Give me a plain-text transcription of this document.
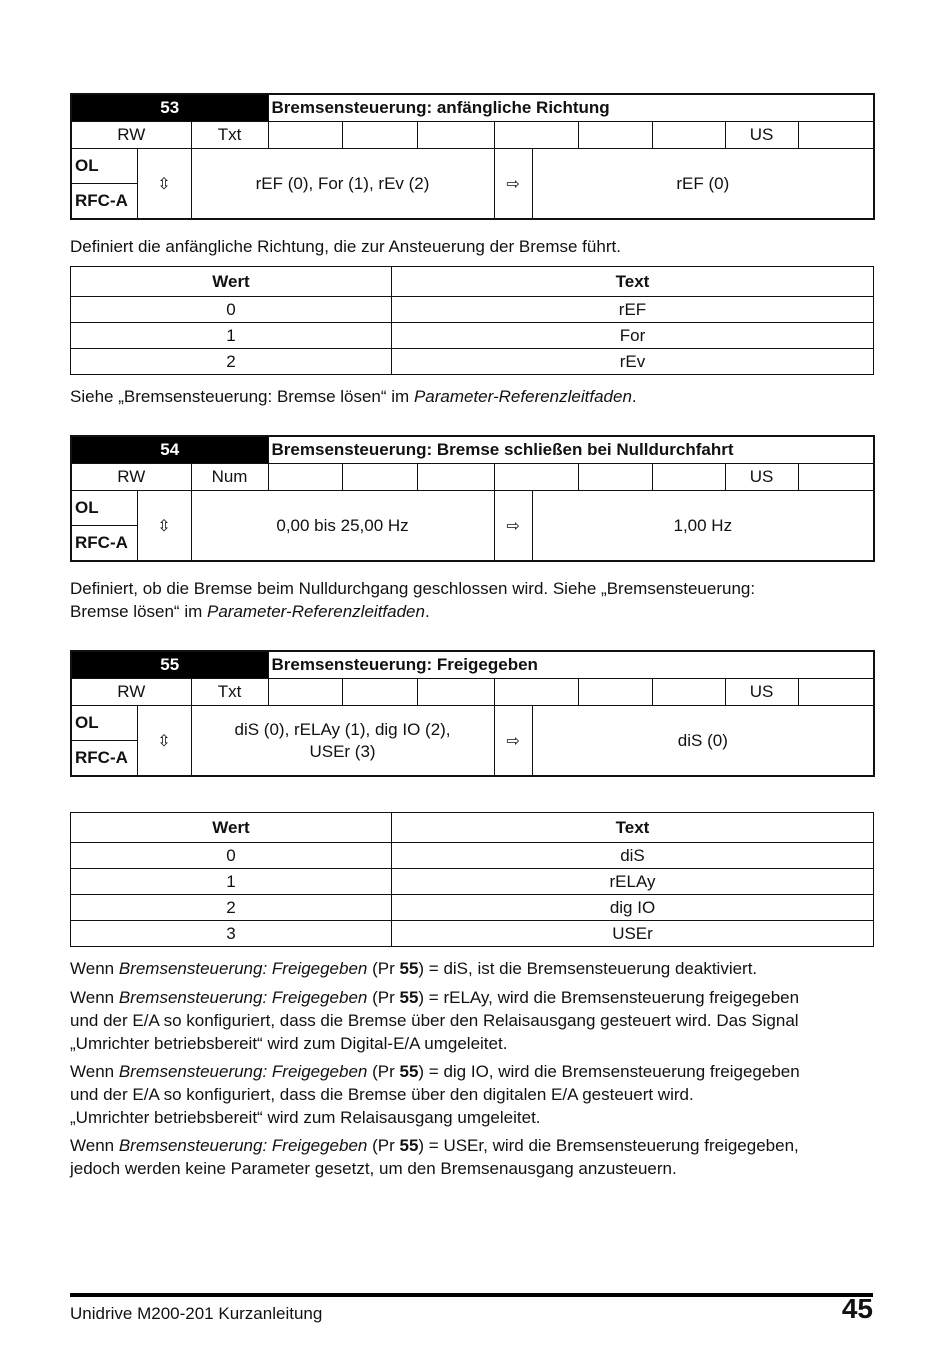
53			Bremsensteuerung: anfängliche Richtung								
RW		Txt								US	
OL	⇳	rEF (0), For (1), rEv (2)				⇨	rEF (0)				
RFC-A											
Definiert die anfängliche Richtung, die zur Ansteuerung der Bremse führt.
Wert	Text
0	rEF
1	For
2	rEv
Siehe „Bremsensteuerung: Bremse lösen“ im Parameter-Referenzleitfaden.
54			Bremsensteuerung: Bremse schließen bei Nulldurchfahrt								
RW		Num								US	
OL	⇳	0,00 bis 25,00 Hz				⇨	1,00 Hz				
RFC-A											
Definiert, ob die Bremse beim Nulldurchgang geschlossen wird. Siehe „Bremsensteuerung:
Bremse lösen“ im Parameter-Referenzleitfaden.
55			Bremsensteuerung: Freigegeben								
RW		Txt								US	
OL	⇳	diS (0), rELAy (1), dig IO (2),
USEr (3)				⇨	diS (0)				
RFC-A											
Wert	Text
0	diS
1	rELAy
2	dig IO
3	USEr
Wenn Bremsensteuerung: Freigegeben (Pr 55) = diS, ist die Bremsensteuerung deaktiviert.
Wenn Bremsensteuerung: Freigegeben (Pr 55) = rELAy, wird die Bremsensteuerung freigegeben
und der E/A so konfiguriert, dass die Bremse über den Relaisausgang gesteuert wird. Das Signal
„Umrichter betriebsbereit“ wird zum Digital-E/A umgeleitet.
Wenn Bremsensteuerung: Freigegeben (Pr 55) = dig IO, wird die Bremsensteuerung freigegeben
und der E/A so konfiguriert, dass die Bremse über den digitalen E/A gesteuert wird.
„Umrichter betriebsbereit“ wird zum Relaisausgang umgeleitet.
Wenn Bremsensteuerung: Freigegeben (Pr 55) = USEr, wird die Bremsensteuerung freigegeben,
jedoch werden keine Parameter gesetzt, um den Bremsenausgang anzusteuern.
Unidrive M200-201 Kurzanleitung	45
